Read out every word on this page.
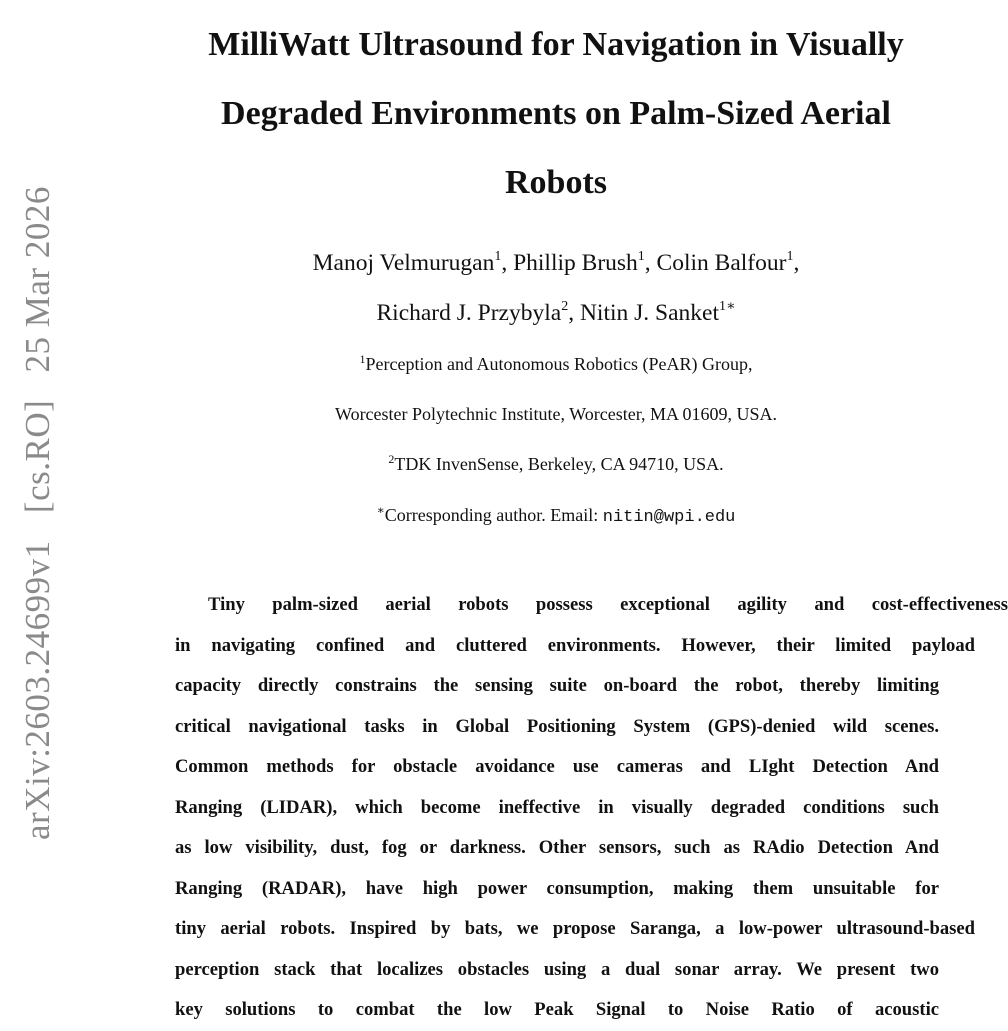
arXiv:2603.24699v1 [cs.RO] 25 Mar 2026
MilliWatt Ultrasound for Navigation in Visually
Degraded Environments on Palm-Sized Aerial
Robots
Manoj Velmurugan$^1$, Phillip Brush$^1$, Colin Balfour$^1$,
Richard J. Przybyla$^2$, Nitin J. Sanket$^{1∗}$
$^1$Perception and Autonomous Robotics (PeAR) Group,
Worcester Polytechnic Institute, Worcester, MA 01609, USA.
$^2$TDK InvenSense, Berkeley, CA 94710, USA.
∗Corresponding author. Email: nitin@wpi.edu
Tiny palm-sized aerial robots possess exceptional agility and cost-effectiveness
in navigating confined and cluttered environments. However, their limited payload
capacity directly constrains the sensing suite on-board the robot, thereby limiting
critical navigational tasks in Global Positioning System (GPS)-denied wild scenes.
Common methods for obstacle avoidance use cameras and LIght Detection And
Ranging (LIDAR), which become ineffective in visually degraded conditions such
as low visibility, dust, fog or darkness. Other sensors, such as RAdio Detection And
Ranging (RADAR), have high power consumption, making them unsuitable for
tiny aerial robots. Inspired by bats, we propose Saranga, a low-power ultrasound-based
perception stack that localizes obstacles using a dual sonar array. We present two
key solutions to combat the low Peak Signal to Noise Ratio of acoustic
